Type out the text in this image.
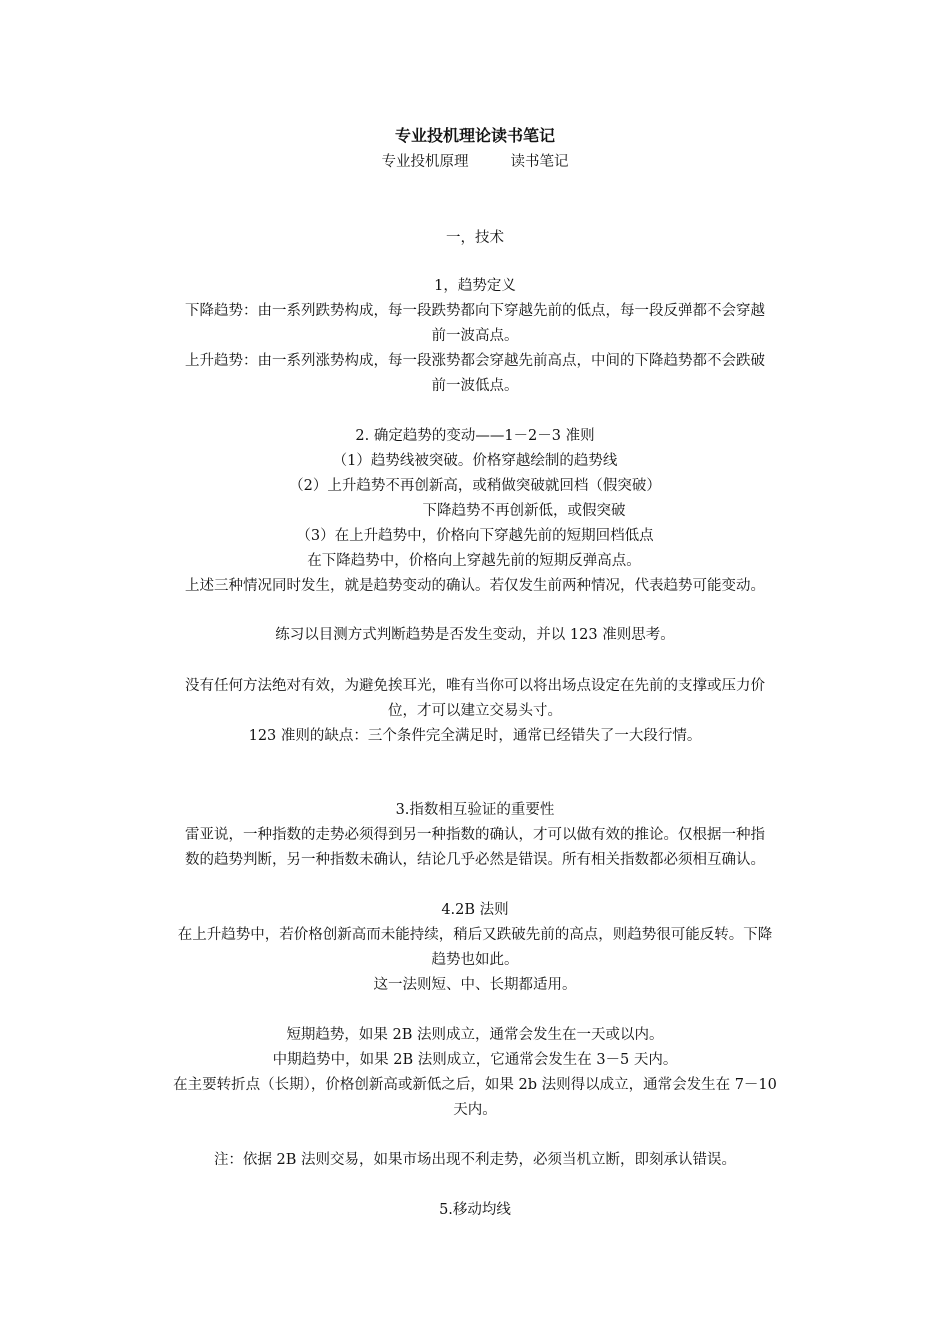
专业投机理论读书笔记
专业投机原理	读书笔记
一，技术
1，趋势定义
下降趋势：由一系列跌势构成，每一段跌势都向下穿越先前的低点，每一段反弹都不会穿越
前一波高点。
上升趋势：由一系列涨势构成，每一段涨势都会穿越先前高点，中间的下降趋势都不会跌破
前一波低点。
2. 确定趋势的变动——1－2－3 准则
（1）趋势线被突破。价格穿越绘制的趋势线
（2）上升趋势不再创新高，或稍做突破就回档（假突破）
下降趋势不再创新低，或假突破
（3）在上升趋势中，价格向下穿越先前的短期回档低点
在下降趋势中，价格向上穿越先前的短期反弹高点。
上述三种情况同时发生，就是趋势变动的确认。若仅发生前两种情况，代表趋势可能变动。
练习以目测方式判断趋势是否发生变动，并以 123 准则思考。
没有任何方法绝对有效，为避免挨耳光，唯有当你可以将出场点设定在先前的支撑或压力价
位，才可以建立交易头寸。
123 准则的缺点：三个条件完全满足时，通常已经错失了一大段行情。
3.指数相互验证的重要性
雷亚说，一种指数的走势必须得到另一种指数的确认，才可以做有效的推论。仅根据一种指
数的趋势判断，另一种指数未确认，结论几乎必然是错误。所有相关指数都必须相互确认。
4.2B 法则
在上升趋势中，若价格创新高而未能持续，稍后又跌破先前的高点，则趋势很可能反转。下降
趋势也如此。
这一法则短、中、长期都适用。
短期趋势，如果 2B 法则成立，通常会发生在一天或以内。
中期趋势中，如果 2B 法则成立，它通常会发生在 3－5 天内。
在主要转折点（长期），价格创新高或新低之后，如果 2b 法则得以成立，通常会发生在 7－10
天内。
注：依据 2B 法则交易，如果市场出现不利走势，必须当机立断，即刻承认错误。
5.移动均线
